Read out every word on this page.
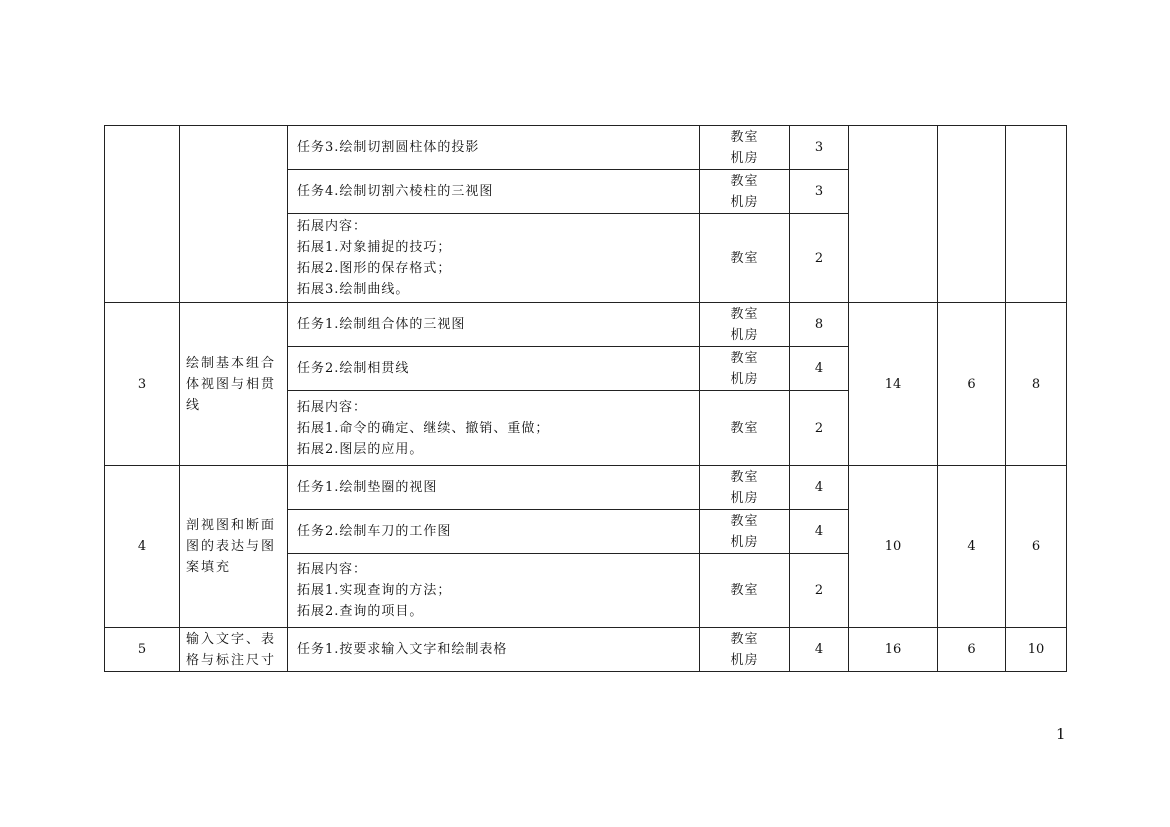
		任务3.绘制切割圆柱体的投影	教室
机房	3			

		任务4.绘制切割六棱柱的三视图	教室
机房	3			

		拓展内容：
拓展1.对象捕捉的技巧；
拓展2.图形的保存格式；
拓展3.绘制曲线。	教室	2			
3	绘制基本组合体视图与相贯线	任务1.绘制组合体的三视图	教室
机房	8	14	6	8

		任务2.绘制相贯线	教室
机房	4			

		拓展内容：
拓展1.命令的确定、继续、撤销、重做；
拓展2.图层的应用。	教室	2			
4	剖视图和断面图的表达与图案填充	任务1.绘制垫圈的视图	教室
机房	4	10	4	6

		任务2.绘制车刀的工作图	教室
机房	4			

		拓展内容：
拓展1.实现查询的方法；
拓展2.查询的项目。	教室	2			
5	输入文字、表格与标注尺寸	任务1.按要求输入文字和绘制表格	教室
机房	4	16	6	10
1
